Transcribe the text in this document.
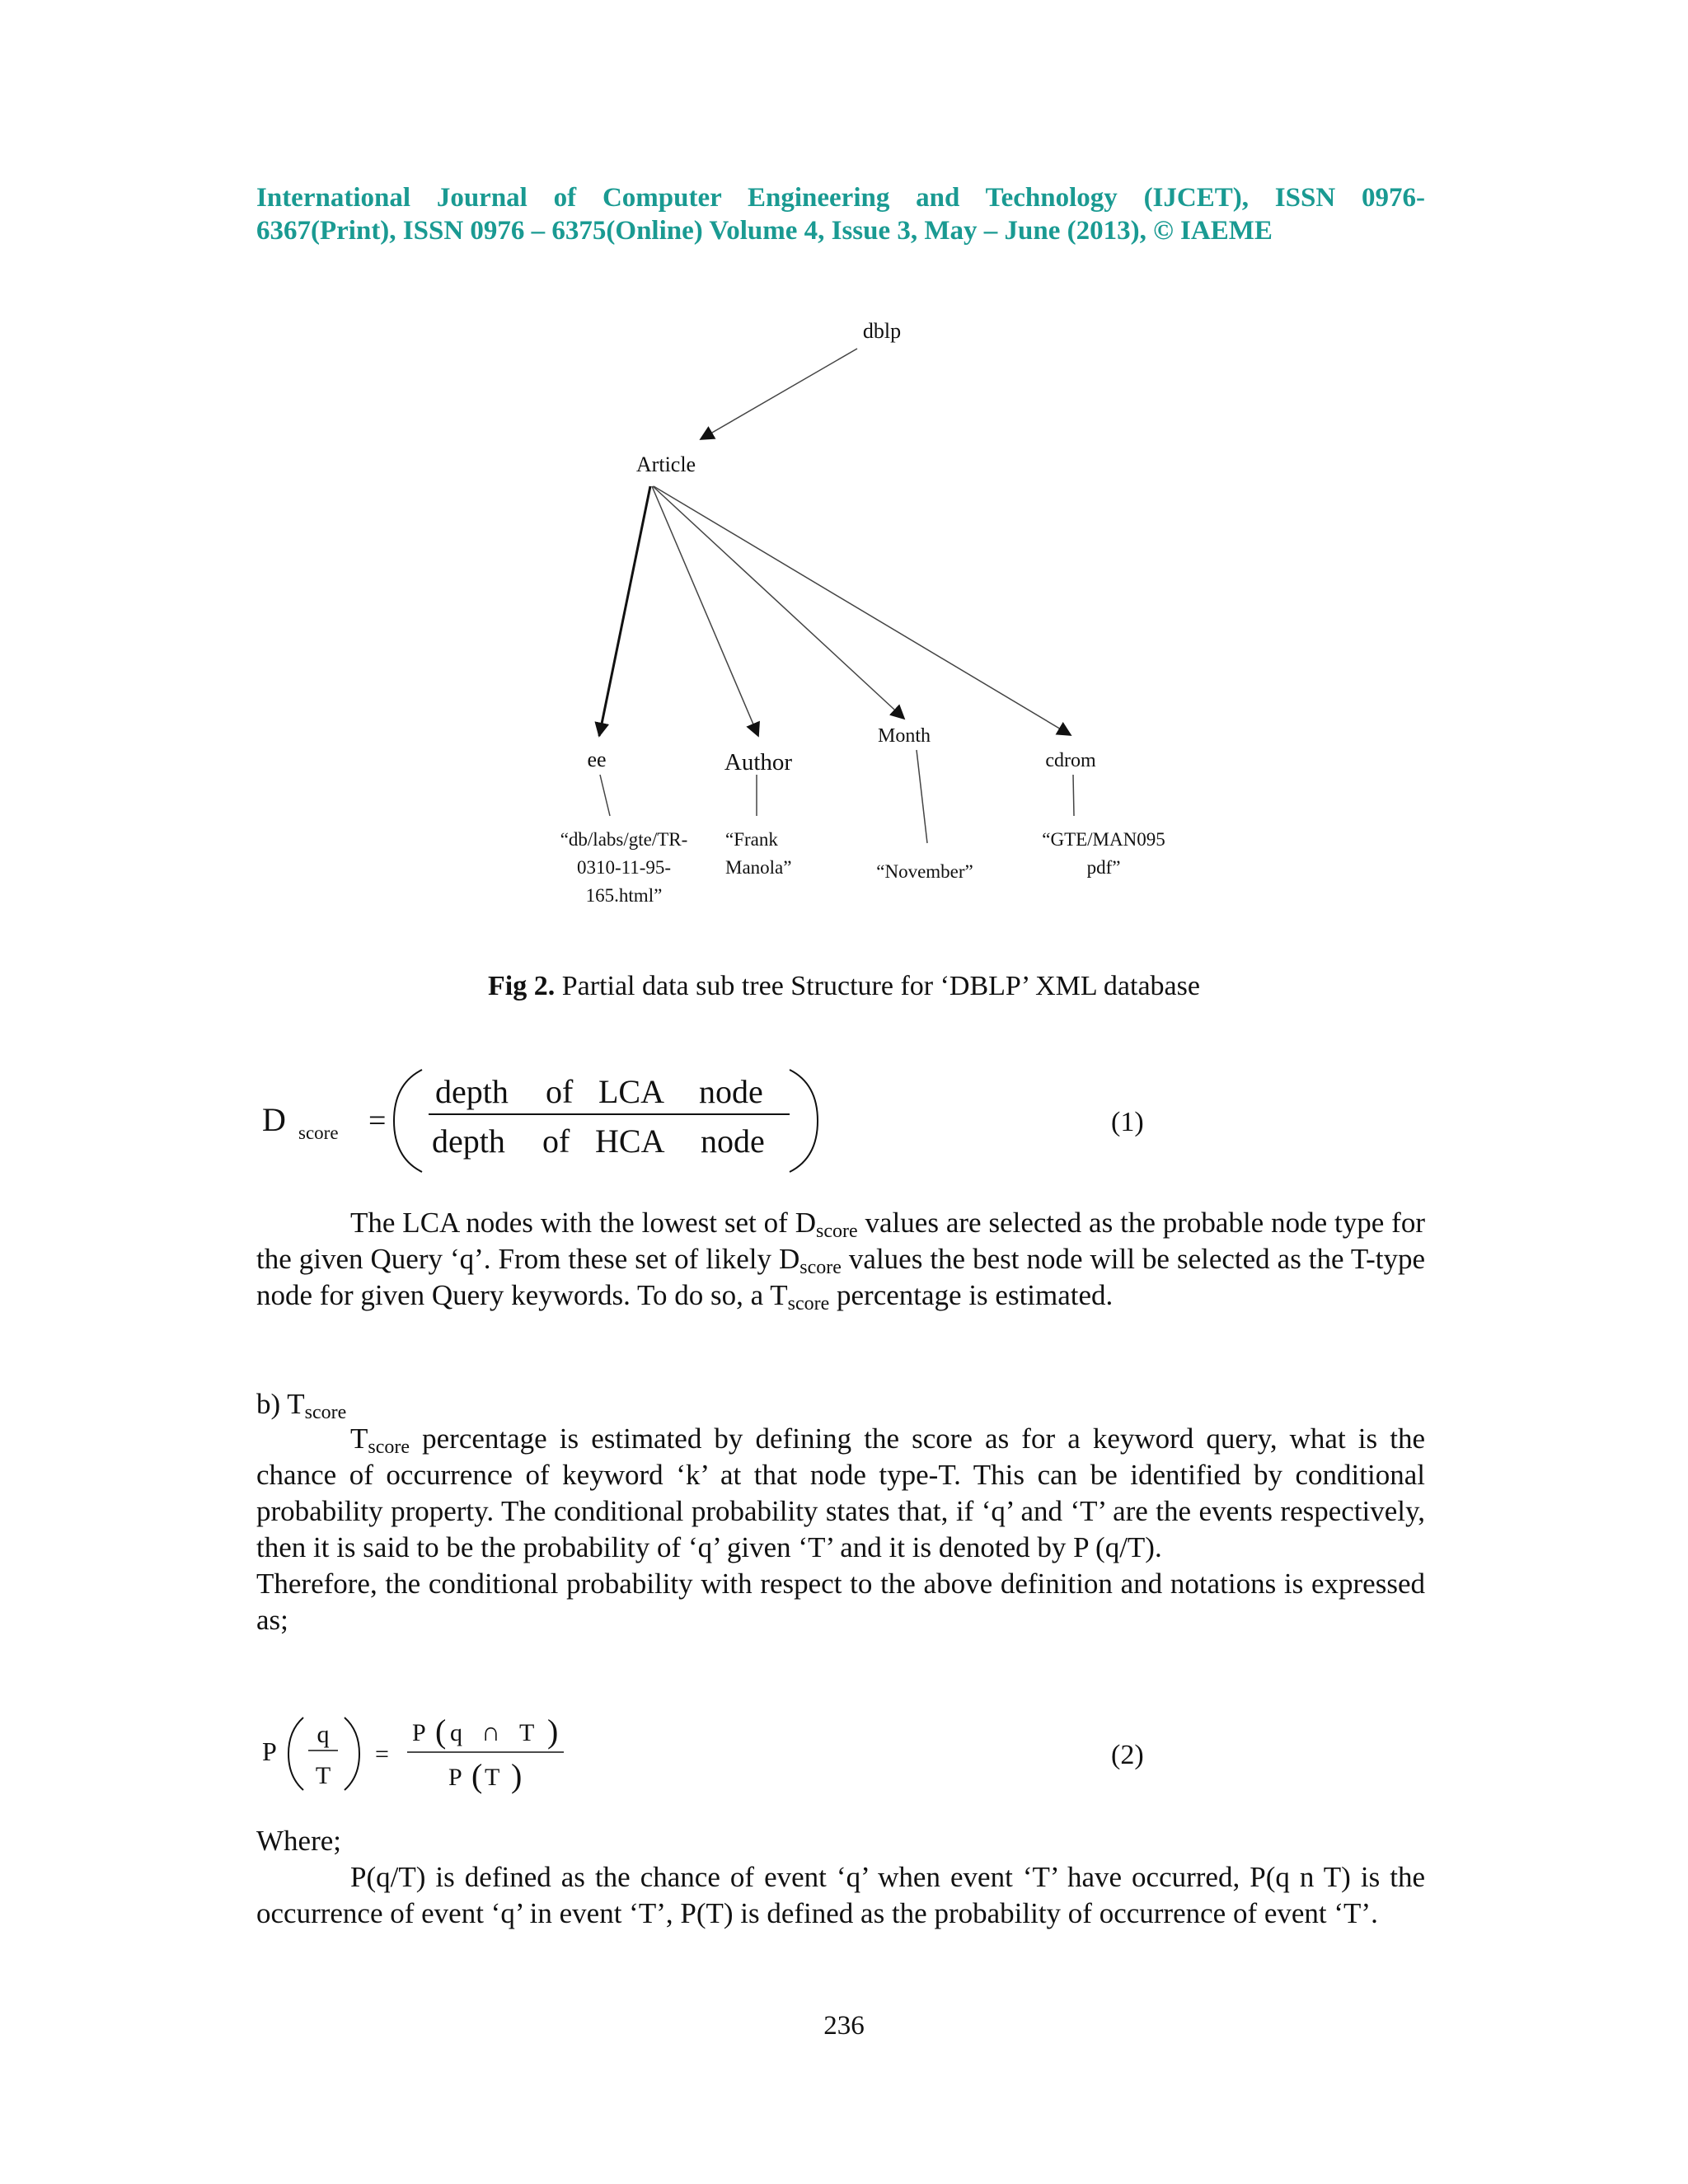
International Journal of Computer Engineering and Technology (IJCET), ISSN 0976-
6367(Print), ISSN 0976 – 6375(Online) Volume 4, Issue 3, May – June (2013), © IAEME
dblp
Article
ee	Author
Month
cdrom
“db/labs/gte/TR-
0310-11-95-
165.html”
“Frank
Manola”	“November”
“GTE/MAN095
pdf”
Fig 2. Partial data sub tree Structure for ‘DBLP’ XML database
D score =
depth of LCA node
depth of HCA node
(1)

The LCA nodes with the lowest set of $D_{score}$ values are selected as the probable node type for the given Query ‘q’. From these set of likely $D_{score}$ values the best node will be selected as the T-type node for given Query keywords. To do so, a $T_{score}$ percentage is estimated.

b) $T_{score}$

$T_{score}$ percentage is estimated by defining the score as for a keyword query, what is the chance of occurrence of keyword ‘k’ at that node type-T. This can be identified by conditional probability property. The conditional probability states that, if ‘q’ and ‘T’ are the events respectively, then it is said to be the probability of ‘q’ given ‘T’ and it is denoted by P (q/T).

Therefore, the conditional probability with respect to the above definition and notations is expressed as;

P
q
T
=
P ( q ∩ T )
P ( T )
(2)
Where;

P(q/T) is defined as the chance of event ‘q’ when event ‘T’ have occurred, P(q n T) is the occurrence of event ‘q’ in event ‘T’, P(T) is defined as the probability of occurrence of event ‘T’.

236
